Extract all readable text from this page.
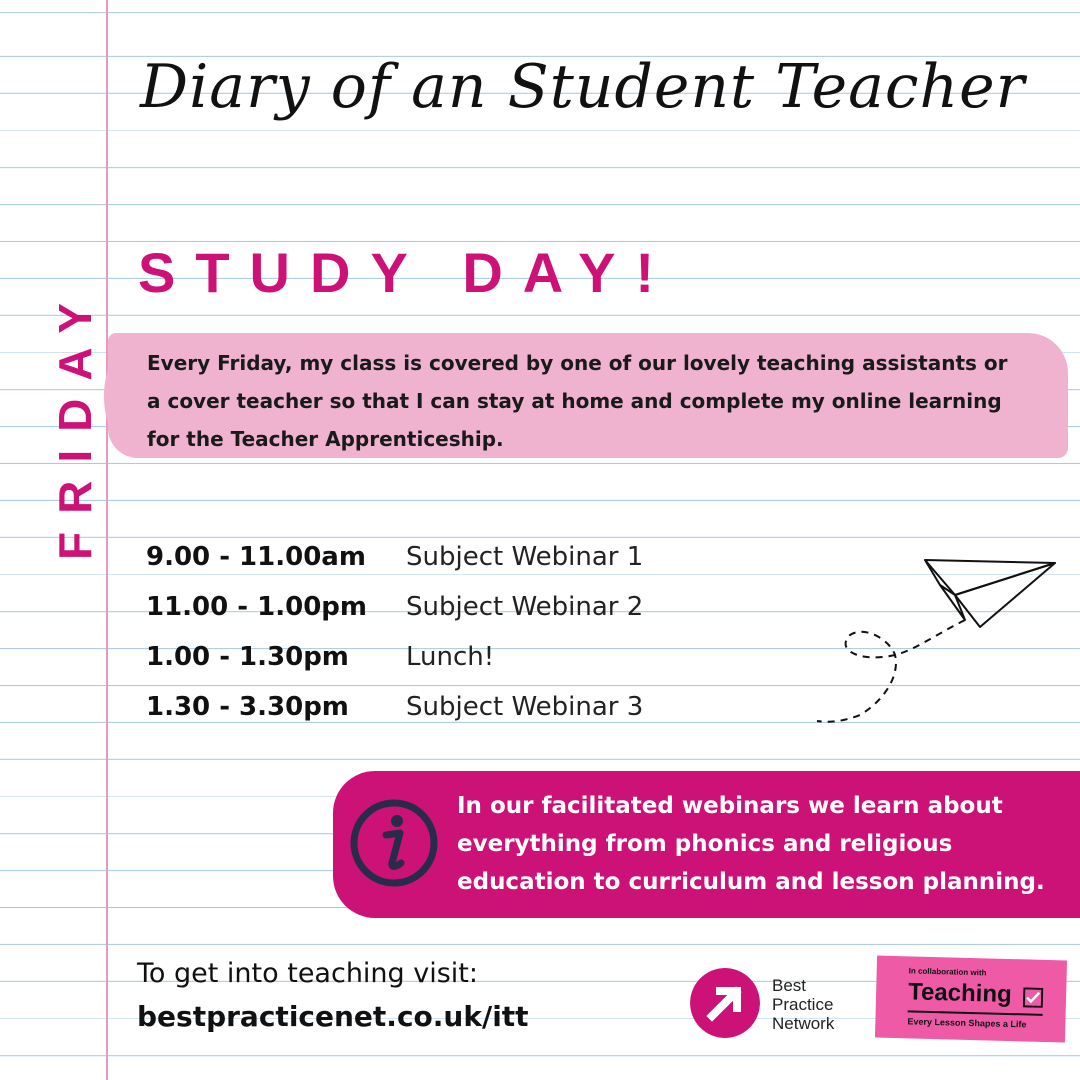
Diary of an Student Teacher
FRIDAY
STUDY DAY!
Every Friday, my class is covered by one of our lovely teaching assistants or a cover teacher so that I can stay at home and complete my online learning for the Teacher Apprenticeship.
9.00 - 11.00am	Subject Webinar 1
11.00 - 1.00pm	Subject Webinar 2
1.00 - 1.30pm	Lunch!
1.30 - 3.30pm	Subject Webinar 3
In our facilitated webinars we learn about everything from phonics and religious education to curriculum and lesson planning.
To get into teaching visit:
bestpracticenet.co.uk/itt
Best
Practice
Network
In collaboration with
Teaching
Every Lesson Shapes a Life
